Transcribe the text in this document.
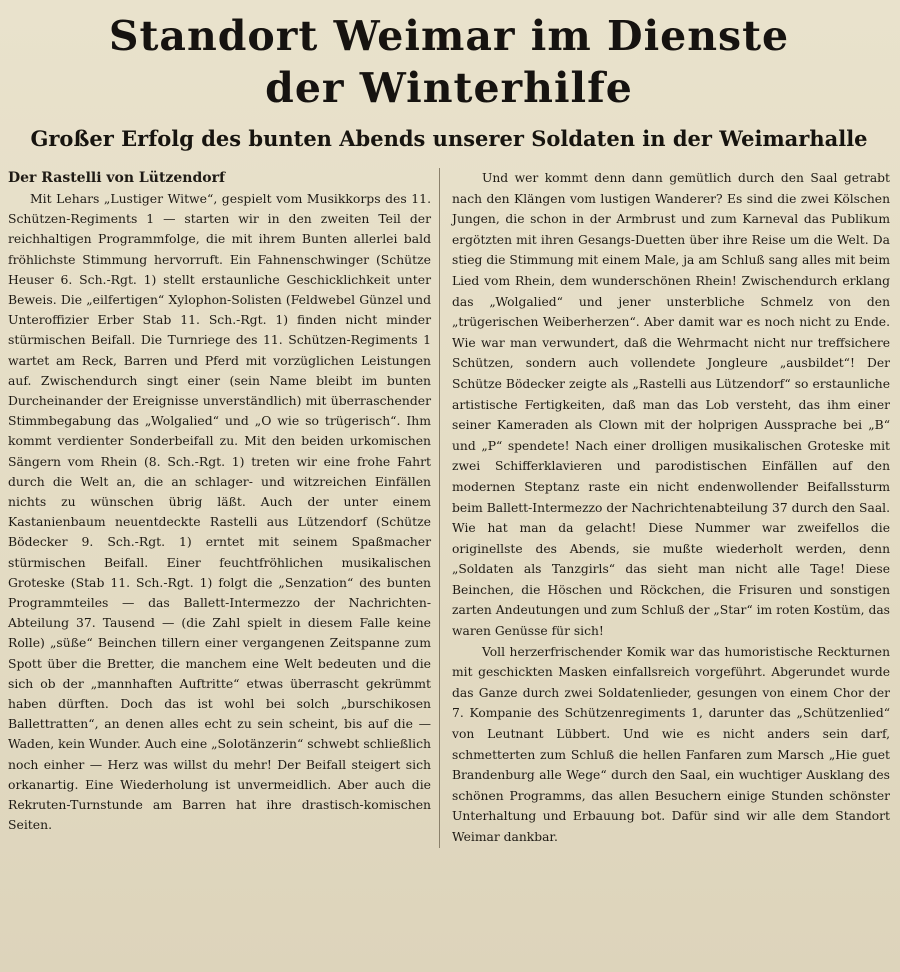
Standort Weimar im Dienste
der Winterhilfe
Großer Erfolg des bunten Abends unserer Soldaten in der Weimarhalle
Der Rastelli von Lützendorf

Mit Lehars „Lustiger Witwe“, gespielt vom Musikkorps des 11. Schützen-Regiments 1 — starten wir in den zweiten Teil der reichhaltigen Programmfolge, die mit ihrem Bunten allerlei bald fröhlichste Stimmung hervorruft. Ein Fahnenschwinger (Schütze Heuser 6. Sch.-Rgt. 1) stellt erstaunliche Geschicklichkeit unter Beweis. Die „eilfertigen“ Xylophon-Solisten (Feldwebel Günzel und Unteroffizier Erber Stab 11. Sch.-Rgt. 1) finden nicht minder stürmischen Beifall. Die Turnriege des 11. Schützen-Regiments 1 wartet am Reck, Barren und Pferd mit vorzüglichen Leistungen auf. Zwischendurch singt einer (sein Name bleibt im bunten Durcheinander der Ereignisse unverständlich) mit überraschender Stimmbegabung das „Wolgalied“ und „O wie so trügerisch“. Ihm kommt verdienter Sonderbeifall zu. Mit den beiden urkomischen Sängern vom Rhein (8. Sch.-Rgt. 1) treten wir eine frohe Fahrt durch die Welt an, die an schlager- und witzreichen Einfällen nichts zu wünschen übrig läßt. Auch der unter einem Kastanienbaum neuentdeckte Rastelli aus Lützendorf (Schütze Bödecker 9. Sch.-Rgt. 1) erntet mit seinem Spaßmacher stürmischen Beifall. Einer feuchtfröhlichen musikalischen Groteske (Stab 11. Sch.-Rgt. 1) folgt die „Senzation“ des bunten Programmteiles — das Ballett-Intermezzo der Nachrichten-Abteilung 37. Tausend — (die Zahl spielt in diesem Falle keine Rolle) „süße“ Beinchen tillern einer vergangenen Zeitspanne zum Spott über die Bretter, die manchem eine Welt bedeuten und die sich ob der „mannhaften Auftritte“ etwas überrascht gekrümmt haben dürften. Doch das ist wohl bei solch „burschikosen Ballettratten“, an denen alles echt zu sein scheint, bis auf die — Waden, kein Wunder. Auch eine „Solotänzerin“ schwebt schließlich noch einher — Herz was willst du mehr! Der Beifall steigert sich orkanartig. Eine Wiederholung ist unvermeidlich. Aber auch die Rekruten-Turnstunde am Barren hat ihre drastisch-komischen Seiten.

Und wer kommt denn dann gemütlich durch den Saal getrabt nach den Klängen vom lustigen Wanderer? Es sind die zwei Kölschen Jungen, die schon in der Armbrust und zum Karneval das Publikum ergötzten mit ihren Gesangs-Duetten über ihre Reise um die Welt. Da stieg die Stimmung mit einem Male, ja am Schluß sang alles mit beim Lied vom Rhein, dem wunderschönen Rhein! Zwischendurch erklang das „Wolgalied“ und jener unsterbliche Schmelz von den „trügerischen Weiberherzen“. Aber damit war es noch nicht zu Ende. Wie war man verwundert, daß die Wehrmacht nicht nur treffsichere Schützen, sondern auch vollendete Jongleure „ausbildet“! Der Schütze Bödecker zeigte als „Rastelli aus Lützendorf“ so erstaunliche artistische Fertigkeiten, daß man das Lob versteht, das ihm einer seiner Kameraden als Clown mit der holprigen Aussprache bei „B“ und „P“ spendete! Nach einer drolligen musikalischen Groteske mit zwei Schifferklavieren und parodistischen Einfällen auf den modernen Steptanz raste ein nicht endenwollender Beifallssturm beim Ballett-Intermezzo der Nachrichtenabteilung 37 durch den Saal. Wie hat man da gelacht! Diese Nummer war zweifellos die originellste des Abends, sie mußte wiederholt werden, denn „Soldaten als Tanzgirls“ das sieht man nicht alle Tage! Diese Beinchen, die Höschen und Röckchen, die Frisuren und sonstigen zarten Andeutungen und zum Schluß der „Star“ im roten Kostüm, das waren Genüsse für sich!

Voll herzerfrischender Komik war das humoristische Reckturnen mit geschickten Masken einfallsreich vorgeführt. Abgerundet wurde das Ganze durch zwei Soldatenlieder, gesungen von einem Chor der 7. Kompanie des Schützenregiments 1, darunter das „Schützenlied“ von Leutnant Lübbert. Und wie es nicht anders sein darf, schmetterten zum Schluß die hellen Fanfaren zum Marsch „Hie guet Brandenburg alle Wege“ durch den Saal, ein wuchtiger Ausklang des schönen Programms, das allen Besuchern einige Stunden schönster Unterhaltung und Erbauung bot. Dafür sind wir alle dem Standort Weimar dankbar.
